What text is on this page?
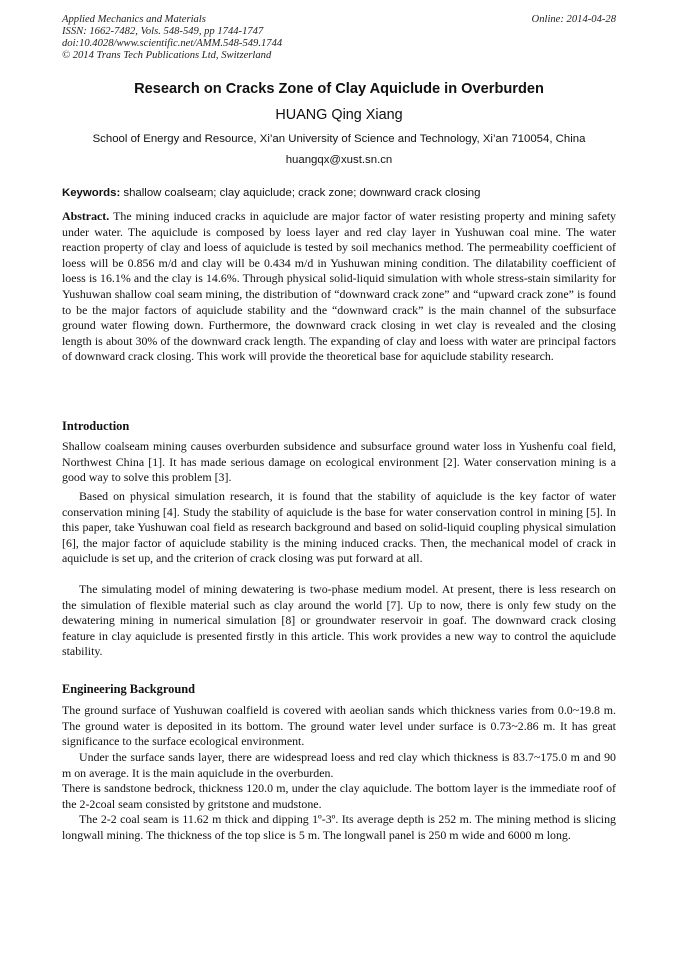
Applied Mechanics and Materials
ISSN: 1662-7482, Vols. 548-549, pp 1744-1747
doi:10.4028/www.scientific.net/AMM.548-549.1744
© 2014 Trans Tech Publications Ltd, Switzerland
Online: 2014-04-28
Research on Cracks Zone of Clay Aquiclude in Overburden
HUANG Qing Xiang
School of Energy and Resource, Xi’an University of Science and Technology, Xi’an 710054, China
huangqx@xust.sn.cn
Keywords: shallow coalseam; clay aquiclude; crack zone; downward crack closing
Abstract. The mining induced cracks in aquiclude are major factor of water resisting property and mining safety under water. The aquiclude is composed by loess layer and red clay layer in Yushuwan coal mine. The water reaction property of clay and loess of aquiclude is tested by soil mechanics method. The permeability coefficient of loess will be 0.856 m/d and clay will be 0.434 m/d in Yushuwan mining condition. The dilatability coefficient of loess is 16.1% and the clay is 14.6%. Through physical solid-liquid simulation with whole stress-stain similarity for Yushuwan shallow coal seam mining, the distribution of “downward crack zone” and “upward crack zone” is found to be the major factors of aquiclude stability and the “downward crack” is the main channel of the subsurface ground water flowing down. Furthermore, the downward crack closing in wet clay is revealed and the closing length is about 30% of the downward crack length. The expanding of clay and loess with water are principal factors of downward crack closing. This work will provide the theoretical base for aquiclude stability research.
Introduction
Shallow coalseam mining causes overburden subsidence and subsurface ground water loss in Yushenfu coal field, Northwest China [1]. It has made serious damage on ecological environment [2]. Water conservation mining is a good way to solve this problem [3].
Based on physical simulation research, it is found that the stability of aquiclude is the key factor of water conservation mining [4]. Study the stability of aquiclude is the base for water conservation control in mining [5]. In this paper, take Yushuwan coal field as research background and based on solid-liquid coupling physical simulation [6], the major factor of aquiclude stability is the mining induced cracks. Then, the mechanical model of crack in aquiclude is set up, and the criterion of crack closing was put forward at all.
The simulating model of mining dewatering is two-phase medium model. At present, there is less research on the simulation of flexible material such as clay around the world [7]. Up to now, there is only few study on the dewatering mining in numerical simulation [8] or groundwater reservoir in goaf. The downward crack closing feature in clay aquiclude is presented firstly in this article. This work provides a new way to control the aquiclude stability.
Engineering Background
The ground surface of Yushuwan coalfield is covered with aeolian sands which thickness varies from 0.0~19.8 m. The ground water is deposited in its bottom. The ground water level under surface is 0.73~2.86 m. It has great significance to the surface ecological environment.
Under the surface sands layer, there are widespread loess and red clay which thickness is 83.7~175.0 m and 90 m on average. It is the main aquiclude in the overburden.
There is sandstone bedrock, thickness 120.0 m, under the clay aquiclude. The bottom layer is the immediate roof of the 2-2coal seam consisted by gritstone and mudstone.
The 2-2 coal seam is 11.62 m thick and dipping 1º-3º. Its average depth is 252 m. The mining method is slicing longwall mining. The thickness of the top slice is 5 m. The longwall panel is 250 m wide and 6000 m long.
